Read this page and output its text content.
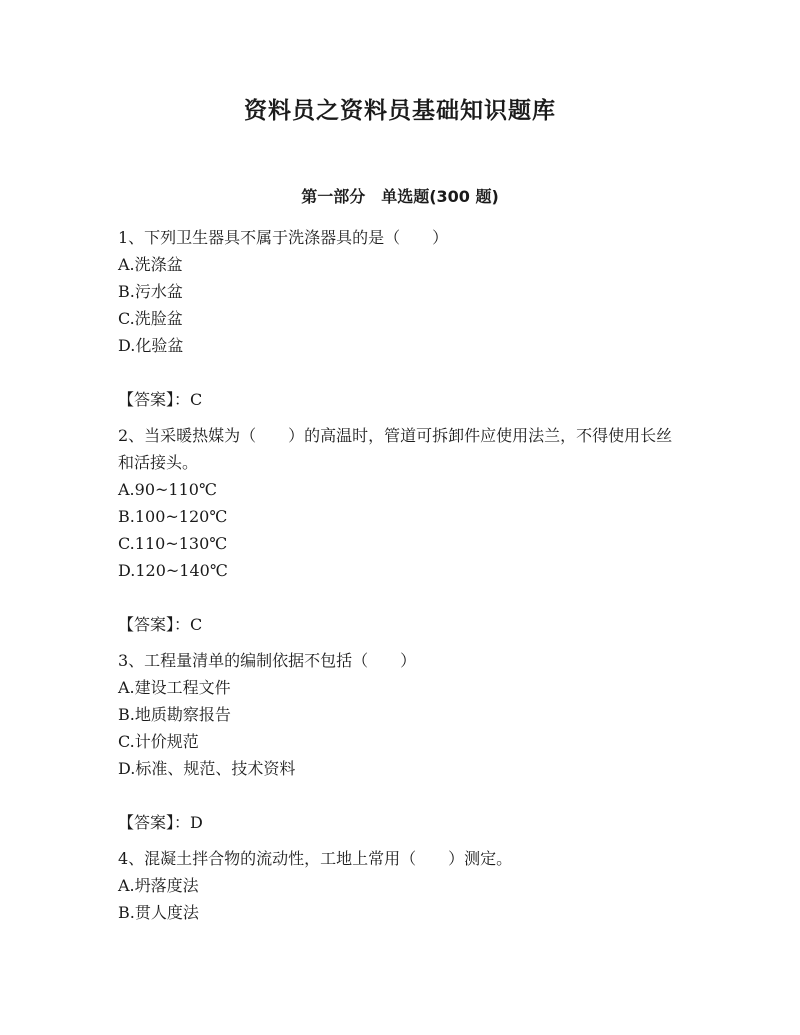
资料员之资料员基础知识题库
第一部分　单选题(300 题)

1、下列卫生器具不属于洗涤器具的是（　　）

A.洗涤盆

B.污水盆

C.洗脸盆

D.化验盆

【答案】：C

2、当采暖热媒为（　　）的高温时，管道可拆卸件应使用法兰，不得使用长丝和活接头。

A.90~110℃

B.100~120℃

C.110~130℃

D.120~140℃

【答案】：C

3、工程量清单的编制依据不包括（　　）

A.建设工程文件

B.地质勘察报告

C.计价规范

D.标准、规范、技术资料

【答案】：D

4、混凝土拌合物的流动性，工地上常用（　　）测定。

A.坍落度法

B.贯人度法
